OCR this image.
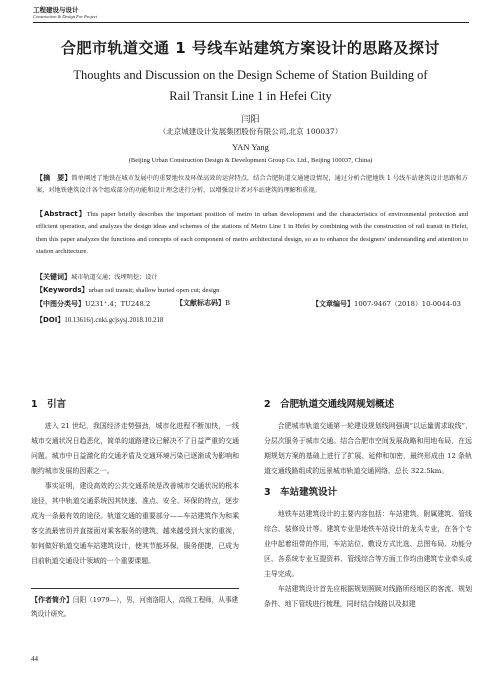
工程建设与设计
Construction & Design For Project
合肥市轨道交通 1 号线车站建筑方案设计的思路及探讨
Thoughts and Discussion on the Design Scheme of Station Building of
Rail Transit Line 1 in Hefei City
闫阳
（北京城建设计发展集团股份有限公司,北京 100037）
YAN Yang
(Beijing Urban Construction Design & Development Group Co. Ltd., Beijing 100037, China)
【摘　要】简单阐述了地铁在城市发展中的重要地位及环保高效的运营特点，结合合肥轨道交通建设情况，通过分析合肥地铁 1 号线车站建筑设计思路和方案，对地铁建筑设计各个组成部分的功能和设计理念进行分析，以增强设计者对车站建筑的理解和重视。
【Abstract】This paper briefly describes the important position of metro in urban development and the characteristics of environmental protection and efficient operation, and analyzes the design ideas and schemes of the stations of Metro Line 1 in Hefei by combining with the construction of rail transit in Hefei, then this paper analyzes the functions and concepts of each component of metro architectural design, so as to enhance the designers' understanding and attention to station architecture.
【关键词】城市轨道交通；浅埋明挖；设计
【Keywords】urban rail transit; shallow buried open cut; design
【中图分类号】U231⁺.4；TU248.2	【文献标志码】B	【文章编号】1007-9467（2018）10-0044-03
【DOI】10.13616/j.cnki.gcjsysj.2018.10.218
1　引言

进入 21 世纪，我国经济走势强劲，城市化进程不断加快，一线城市交通状况日趋恶化，简单的道路建设已解决不了日益严重的交通问题。城市中日益激化的交通矛盾及交通环境污染已逐渐成为影响和制约城市发展的因素之一。

事实证明，建设高效的公共交通系统是改善城市交通状况的根本途径，其中轨道交通系统因其快速、准点、安全、环保的特点，逐步成为一条最有效的途径。轨道交通的重要部分——车站建筑作为和乘客交流最密切并直接面对乘客服务的建筑，越来越受到大家的重视，如何做好轨道交通车站建筑设计，使其节能环保，服务便捷，已成为目前轨道交通设计领域的一个重要课题。

【作者简介】闫阳（1979—），男，河南洛阳人，高级工程师，从事建筑设计研究。
2　合肥轨道交通线网规划概述

合肥城市轨道交通第一轮建设规划线网强调“以运量需求取线”，分层次服务于城市交通。结合合肥市空间发展战略和用地布局，在远期规划方案的基础上进行了扩展、延伸和加密，最终形成由 12 条轨道交通线路组成的远景城市轨道交通网络，总长 322.5km。

3　车站建筑设计

地铁车站建筑设计的主要内容包括：车站建筑、附属建筑、管线综合、装修设计等。建筑专业是地铁车站设计的龙头专业，在各个专业中起着纽带的作用，车站站位、敷设方式比选、总图布局、功能分区、各系统专业互提资料、管线综合等方面工作均由建筑专业牵头或主导完成。

车站建筑设计首先应根据规划照顾对线路所经地区的客流、规划条件、地下管线进行梳理，同时结合线路以及拟建

44
